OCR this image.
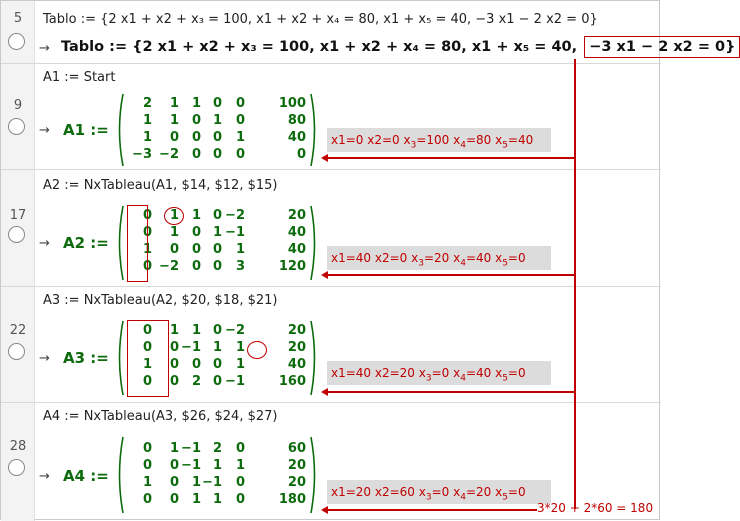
5	Tablo := {2 x1 + x2 + x₃ = 100, x1 + x2 + x₄ = 80, x1 + x₅ = 40, −3 x1 − 2 x2 = 0}
→ Tablo := {2 x1 + x2 + x₃ = 100, x1 + x2 + x₄ = 80, x1 + x₅ = 40, −3 x1 − 2 x2 = 0}
9
A1 := Start
→ A1 :=
2 1 1 0 0	100
1 1 0 1 0	80
1 0 0 0 1	40
−3 −2 0 0 0	0
x1=0 x2=0 $x_3=100$ $x_4=80$ $x_5=40$
17
A2 := NxTableau(A1, $14, $12, $15)
→ A2 :=
0 1 1 0 −2	20
0 1 0 1 −1	40
1 0 0 0 1	40
0 −2 0 0 3	120
x1=40 x2=0 $x_3=20$ $x_4=40$ $x_5=0$
22
A3 := NxTableau(A2, $20, $18, $21)
→ A3 :=
0 1 1 0 −2	20
0 0 −1 1 1	20
1 0 0 0 1	40
0 0 2 0 −1	160
x1=40 x2=20 $x_3=0$ $x_4=40$ $x_5=0$
28
A4 := NxTableau(A3, $26, $24, $27)
→ A4 :=
0 1 −1 2 0	60
0 0 −1 1 1	20
1 0 1 −1 0	20
0 0 1 1 0	180	x1=20 x2=60 $x_3=0$ $x_4=20$ $x_5=0$
3*20 + 2*60 = 180
